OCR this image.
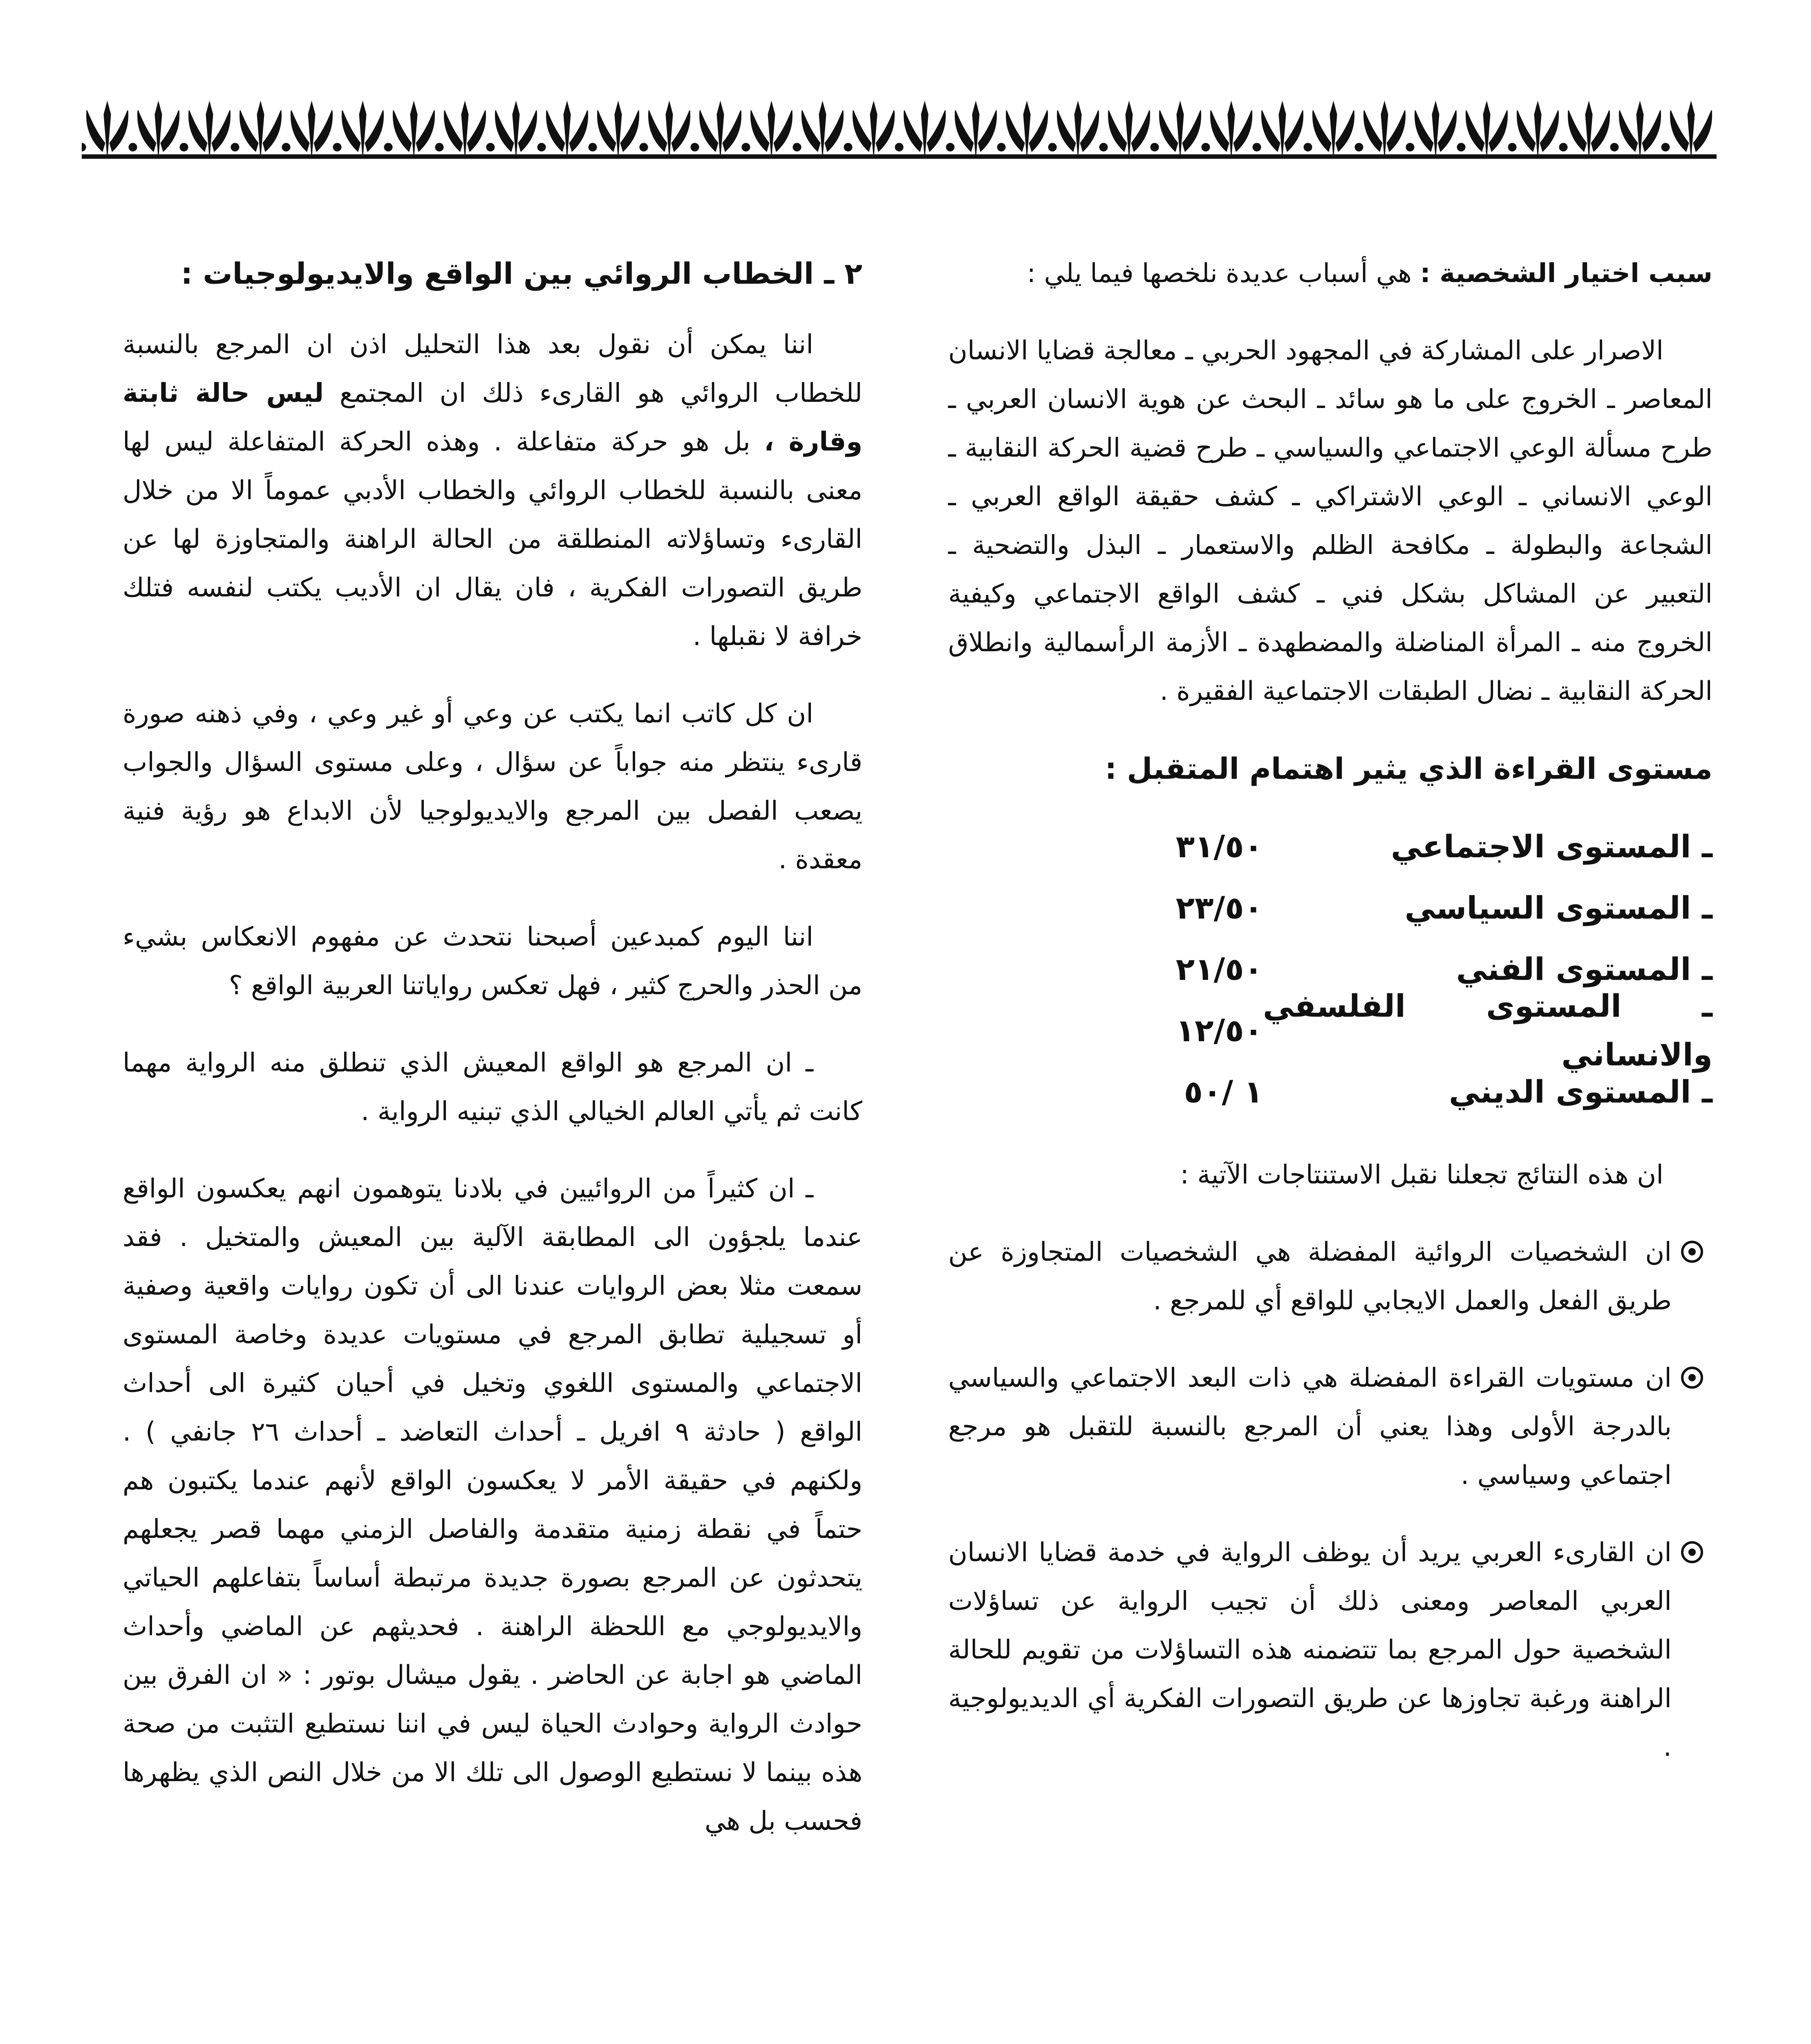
سبب اختيار الشخصية : هي أسباب عديدة نلخصها فيما يلي :

الاصرار على المشاركة في المجهود الحربي ـ معالجة قضايا الانسان المعاصر ـ الخروج على ما هو سائد ـ البحث عن هوية الانسان العربي ـ طرح مسألة الوعي الاجتماعي والسياسي ـ طرح قضية الحركة النقابية ـ الوعي الانساني ـ الوعي الاشتراكي ـ كشف حقيقة الواقع العربي ـ الشجاعة والبطولة ـ مكافحة الظلم والاستعمار ـ البذل والتضحية ـ التعبير عن المشاكل بشكل فني ـ كشف الواقع الاجتماعي وكيفية الخروج منه ـ المرأة المناضلة والمضطهدة ـ الأزمة الرأسمالية وانطلاق الحركة النقابية ـ نضال الطبقات الاجتماعية الفقيرة .

مستوى القراءة الذي يثير اهتمام المتقبل :
ـ المستوى الاجتماعي
٣١/٥٠
ـ المستوى السياسي
٢٣/٥٠
ـ المستوى الفني
٢١/٥٠
ـ المستوى الفلسفي والانساني
١٢/٥٠
ـ المستوى الديني
١ /٥٠

ان هذه النتائج تجعلنا نقبل الاستنتاجات الآتية :

ان الشخصيات الروائية المفضلة هي الشخصيات المتجاوزة عن طريق الفعل والعمل الايجابي للواقع أي للمرجع .
ان مستويات القراءة المفضلة هي ذات البعد الاجتماعي والسياسي بالدرجة الأولى وهذا يعني أن المرجع بالنسبة للتقبل هو مرجع اجتماعي وسياسي .
ان القارىء العربي يريد أن يوظف الرواية في خدمة قضايا الانسان العربي المعاصر ومعنى ذلك أن تجيب الرواية عن تساؤلات الشخصية حول المرجع بما تتضمنه هذه التساؤلات من تقويم للحالة الراهنة ورغبة تجاوزها عن طريق التصورات الفكرية أي الديديولوجية .
٢ ـ الخطاب الروائي بين الواقع والايديولوجيات :

اننا يمكن أن نقول بعد هذا التحليل اذن ان المرجع بالنسبة للخطاب الروائي هو القارىء ذلك ان المجتمع ليس حالة ثابتة وقارة ، بل هو حركة متفاعلة . وهذه الحركة المتفاعلة ليس لها معنى بالنسبة للخطاب الروائي والخطاب الأدبي عموماً الا من خلال القارىء وتساؤلاته المنطلقة من الحالة الراهنة والمتجاوزة لها عن طريق التصورات الفكرية ، فان يقال ان الأديب يكتب لنفسه فتلك خرافة لا نقبلها .

ان كل كاتب انما يكتب عن وعي أو غير وعي ، وفي ذهنه صورة قارىء ينتظر منه جواباً عن سؤال ، وعلى مستوى السؤال والجواب يصعب الفصل بين المرجع والايديولوجيا لأن الابداع هو رؤية فنية معقدة .

اننا اليوم كمبدعين أصبحنا نتحدث عن مفهوم الانعكاس بشيء من الحذر والحرج كثير ، فهل تعكس رواياتنا العربية الواقع ؟

ـ ان المرجع هو الواقع المعيش الذي تنطلق منه الرواية مهما كانت ثم يأتي العالم الخيالي الذي تبنيه الرواية .

ـ ان كثيراً من الروائيين في بلادنا يتوهمون انهم يعكسون الواقع عندما يلجؤون الى المطابقة الآلية بين المعيش والمتخيل . فقد سمعت مثلا بعض الروايات عندنا الى أن تكون روايات واقعية وصفية أو تسجيلية تطابق المرجع في مستويات عديدة وخاصة المستوى الاجتماعي والمستوى اللغوي وتخيل في أحيان كثيرة الى أحداث الواقع ( حادثة ٩ افريل ـ أحداث التعاضد ـ أحداث ٢٦ جانفي ) . ولكنهم في حقيقة الأمر لا يعكسون الواقع لأنهم عندما يكتبون هم حتماً في نقطة زمنية متقدمة والفاصل الزمني مهما قصر يجعلهم يتحدثون عن المرجع بصورة جديدة مرتبطة أساساً بتفاعلهم الحياتي والايديولوجي مع اللحظة الراهنة . فحديثهم عن الماضي وأحداث الماضي هو اجابة عن الحاضر . يقول ميشال بوتور : « ان الفرق بين حوادث الرواية وحوادث الحياة ليس في اننا نستطيع التثبت من صحة هذه بينما لا نستطيع الوصول الى تلك الا من خلال النص الذي يظهرها فحسب بل هي
